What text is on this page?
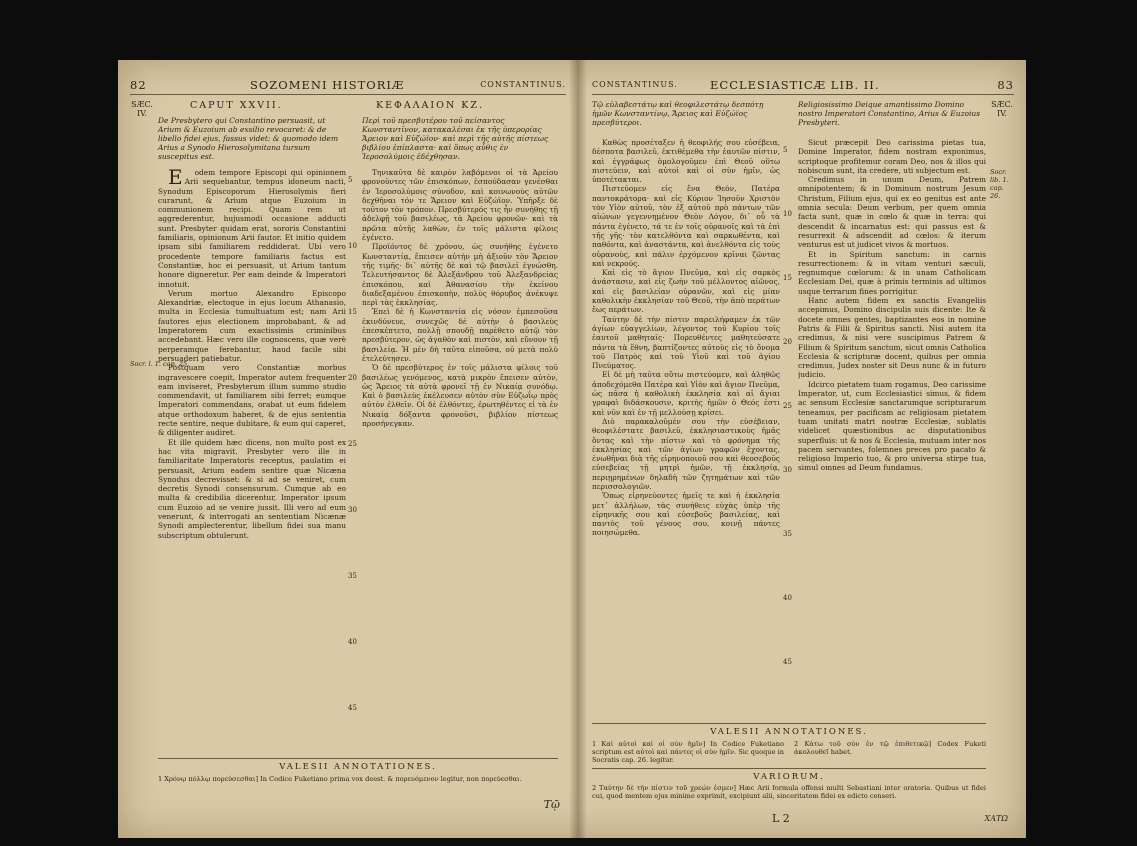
82	SOZOMENI HISTORIÆ	CONSTANTINUS.
SÆC. IV.
CAPUT XXVII.	ΚΕΦΑΛΑΙΟΝ ΚΖ.
De Presbytero qui Constantino persuasit, ut Arium & Euzoium ab exsilio revocaret: & de libello fidei ejus, fassus videt: & quomodo idem Arius a Synodo Hierosolymitana tursum suscepitus est.
Περὶ τοῦ πρεσβυτέρου τοῦ πείσαντος Κωνσταντῖνον, κατακαλέσαι ἐκ τῆς ὑπερορίας Ἄρειον καὶ Εὐζώϊον· καὶ περὶ τῆς αὐτῆς πίστεως βιβλίου ἐπίπλαστα· καὶ ὅπως αὖθις ἐν Ἱεροσολύμοις ἐδέχθησαν.
Socr. l. 1. cap. 25.

Eodem tempore Episcopi qui opinionem Arii sequebantur, tempus idoneum nacti, Synodum Episcoporum Hierosolymis fieri curarunt, & Arium atque Euzoium in communionem recipi. Quam rem ut aggrederentur, hujusmodi occasione adducti sunt. Presbyter quidam erat, sororis Constantini familiaris, opinionum Arii fautor. Et initio quidem ipsam sibi familiarem reddiderat. Ubi vero procedente tempore familiaris factus est Constantiæ, hoc ei persuasit, ut Arium tantum honore digneretur. Per eam deinde & Imperatori innotuit.

Verum mortuo Alexandro Episcopo Alexandriæ, electoque in ejus locum Athanasio, multa in Ecclesia tumultuatum est; nam Arii fautores ejus electionem improbabant, & ad Imperatorem cum exactissimis criminibus accedebant. Hæc vero ille cognoscens, quæ verè perperamque ferebantur, haud facile sibi persuaderi patiebatur.

Postquam vero Constantiæ morbus ingravescere coepit, Imperator autem frequenter eam inviseret, Presbyterum illum summo studio commendavit, ut familiarem sibi ferret; eumque Imperatori commendans, orabat ut eum fidelem atque orthodoxum haberet, & de ejus sententia recte sentire, neque dubitare, & eum qui caperet, & diligenter audiret.

Et ille quidem hæc dicens, non multo post ex hac vita migravit. Presbyter vero ille in familiaritate Imperatoris receptus, paulatim ei persuasit, Arium eadem sentire quæ Nicæna Synodus decrevisset: & si ad se veniret, cum decretis Synodi consensurum. Cumque ab eo multa & credibilia dicerentur, Imperator ipsum cum Euzoio ad se venire jussit. Illi vero ad eum venerunt, & interrogati an sententiam Nicænæ Synodi amplecterentur, libellum fidei sua manu subscriptum obtulerunt.

5
10
15
20
25
30
35
40
45

Τηνικαῦτα δὲ καιρὸν λαβόμενοι οἱ τὰ Ἀρείου φρονοῦντες τῶν ἐπισκόπων, ἐσπούδασαν γενέσθαι ἐν Ἱεροσολύμοις σύνοδον, καὶ κοινωνοὺς αὐτῶν δεχθῆναι τόν τε Ἄρειον καὶ Εὐζώϊον. Ὑπῆρξε δὲ τοῦτον τὸν τρόπον. Πρεσβύτερός τις ἦν συνήθης τῇ ἀδελφῇ τοῦ βασιλέως, τὰ Ἀρείου φρονῶν· καὶ τὰ πρῶτα αὐτῆς λαθὼν, ἐν τοῖς μάλιστα φίλοις ἐγένετο.

Προϊόντος δὲ χρόνου, ὡς συνήθης ἐγένετο Κωνσταντίᾳ, ἔπεισεν αὐτὴν μὴ ἀξιοῦν τὸν Ἄρειον τῆς τιμῆς· δι᾽ αὐτῆς δὲ καὶ τῷ βασιλεῖ ἐγνώσθη. Τελευτήσαντος δὲ Ἀλεξάνδρου τοῦ Ἀλεξανδρείας ἐπισκόπου, καὶ Ἀθανασίου τὴν ἐκείνου διαδεξαμένου ἐπισκοπὴν, πολὺς θόρυβος ἀνέκυψε περὶ τὰς ἐκκλησίας.

Ἐπεὶ δὲ ἡ Κωνσταντία εἰς νόσον ἐμπεσοῦσα ἐκινδύνευε, συνεχῶς δὲ αὐτὴν ὁ βασιλεὺς ἐπεσκέπτετο, πολλῇ σπουδῇ παρέθετο αὐτῷ τὸν πρεσβύτερον, ὡς ἀγαθὸν καὶ πιστὸν, καὶ εὔνουν τῇ βασιλείᾳ. Ἡ μὲν δὴ ταῦτα εἰποῦσα, οὐ μετὰ πολὺ ἐτελεύτησεν.

Ὁ δὲ πρεσβύτερος ἐν τοῖς μάλιστα φίλοις τοῦ βασιλέως γενόμενος, κατὰ μικρὸν ἔπεισεν αὐτὸν, ὡς Ἄρειος τὰ αὐτὰ φρονεῖ τῇ ἐν Νικαίᾳ συνόδῳ. Καὶ ὁ βασιλεὺς ἐκέλευσεν αὐτὸν σὺν Εὐζωΐῳ πρὸς αὐτὸν ἐλθεῖν. Οἱ δὲ ἐλθόντες, ἐρωτηθέντες εἰ τὰ ἐν Νικαίᾳ δόξαντα φρονοῦσι, βιβλίον πίστεως προσήνεγκαν.

VALESII ANNOTATIONES.
1 Χρόνῳ πόλλῳ πορεύσεσθαι] In Codice Fuketiano prima vox deest. & πορευόμενον legitur, non πορεύεσθαι.
Τῷ
CONSTANTINUS.	ECCLESIASTICÆ LIB. II.	83
SÆC. IV.
Τῷ εὐλαβεστάτῳ καὶ θεοφιλεστάτῳ δεσπότῃ ἡμῶν Κωνσταντίνῳ, Ἄρειος καὶ Εὐζώϊος πρεσβύτεροι.
Religiosissimo Deique amantissimo Domino nostro Imperatori Constantino, Arius & Euzoius Presbyteri.
Socr. lib. 1. cap. 26.

Καθὼς προσέταξεν ἡ θεοφιλής σου εὐσέβεια, δέσποτα βασιλεῦ, ἐκτιθέμεθα τὴν ἑαυτῶν πίστιν, καὶ ἐγγράφως ὁμολογοῦμεν ἐπὶ Θεοῦ οὕτω πιστεύειν, καὶ αὐτοὶ καὶ οἱ σὺν ἡμῖν, ὡς ὑποτέτακται.

Πιστεύομεν εἰς ἕνα Θεὸν, Πατέρα παντοκράτορα· καὶ εἰς Κύριον Ἰησοῦν Χριστὸν τὸν Υἱὸν αὐτοῦ, τὸν ἐξ αὐτοῦ πρὸ πάντων τῶν αἰώνων γεγεννημένον Θεὸν Λόγον, δι᾽ οὗ τὰ πάντα ἐγένετο, τά τε ἐν τοῖς οὐρανοῖς καὶ τὰ ἐπὶ τῆς γῆς· τὸν κατελθόντα καὶ σαρκωθέντα, καὶ παθόντα, καὶ ἀναστάντα, καὶ ἀνελθόντα εἰς τοὺς οὐρανοὺς, καὶ πάλιν ἐρχόμενον κρῖναι ζῶντας καὶ νεκρούς.

Καὶ εἰς τὸ ἅγιον Πνεῦμα, καὶ εἰς σαρκὸς ἀνάστασιν, καὶ εἰς ζωὴν τοῦ μέλλοντος αἰῶνος, καὶ εἰς βασιλείαν οὐρανῶν, καὶ εἰς μίαν καθολικὴν ἐκκλησίαν τοῦ Θεοῦ, τὴν ἀπὸ περάτων ἕως περάτων.

Ταύτην δὲ τὴν πίστιν παρειλήφαμεν ἐκ τῶν ἁγίων εὐαγγελίων, λέγοντος τοῦ Κυρίου τοῖς ἑαυτοῦ μαθηταῖς· Πορευθέντες μαθητεύσατε πάντα τὰ ἔθνη, βαπτίζοντες αὐτοὺς εἰς τὸ ὄνομα τοῦ Πατρὸς καὶ τοῦ Υἱοῦ καὶ τοῦ ἁγίου Πνεύματος.

Εἰ δὲ μὴ ταῦτα οὕτω πιστεύομεν, καὶ ἀληθῶς ἀποδεχόμεθα Πατέρα καὶ Υἱὸν καὶ ἅγιον Πνεῦμα, ὡς πᾶσα ἡ καθολικὴ ἐκκλησία καὶ αἱ ἅγιαι γραφαὶ διδάσκουσιν, κριτὴς ἡμῶν ὁ Θεός ἐστι καὶ νῦν καὶ ἐν τῇ μελλούσῃ κρίσει.

Διὸ παρακαλοῦμέν σου τὴν εὐσέβειαν, θεοφιλέστατε βασιλεῦ, ἐκκλησιαστικοὺς ἡμᾶς ὄντας καὶ τὴν πίστιν καὶ τὸ φρόνημα τῆς ἐκκλησίας καὶ τῶν ἁγίων γραφῶν ἔχοντας, ἑνωθῆναι διὰ τῆς εἰρηνοποιοῦ σου καὶ θεοσεβοῦς εὐσεβείας τῇ μητρὶ ἡμῶν, τῇ ἐκκλησίᾳ, περιῃρημένων δηλαδὴ τῶν ζητημάτων καὶ τῶν περισσολογιῶν.

Ὅπως εἰρηνεύοντες ἡμεῖς τε καὶ ἡ ἐκκλησία μετ᾽ ἀλλήλων, τὰς συνήθεις εὐχὰς ὑπὲρ τῆς εἰρηνικῆς σου καὶ εὐσεβοῦς βασιλείας, καὶ παντὸς τοῦ γένους σου, κοινῇ πάντες ποιησώμεθα.

5
10
15
20
25
30
35
40
45

Sicut præcepit Deo carissima pietas tua, Domine Imperator, fidem nostram exponimus, scriptoque profitemur coram Deo, nos & illos qui nobiscum sunt, ita credere, uti subjectum est.

Credimus in unum Deum, Patrem omnipotentem; & in Dominum nostrum Jesum Christum, Filium ejus, qui ex eo genitus est ante omnia secula: Deum verbum, per quem omnia facta sunt, quæ in cœlo & quæ in terra: qui descendit & incarnatus est: qui passus est & resurrexit & adscendit ad cœlos: & iterum venturus est ut judicet vivos & mortuos.

Et in Spiritum sanctum: in carnis resurrectionem: & in vitam venturi sæculi, regnumque cœlorum: & in unam Catholicam Ecclesiam Dei, quæ à primis terminis ad ultimos usque terrarum fines porrigitur.

Hanc autem fidem ex sanctis Evangeliis accepimus, Domino discipulis suis dicente: Ite & docete omnes gentes, baptizantes eos in nomine Patris & Filii & Spiritus sancti. Nisi autem ita credimus, & nisi vere suscipimus Patrem & Filium & Spiritum sanctum, sicut omnis Catholica Ecclesia & scripturæ docent, quibus per omnia credimus, Judex noster sit Deus nunc & in futuro judicio.

Idcirco pietatem tuam rogamus, Deo carissime Imperator, ut, cum Ecclesiastici simus, & fidem ac sensum Ecclesiæ sanctarumque scripturarum teneamus, per pacificam ac religiosam pietatem tuam unitati matri nostræ Ecclesiæ, sublatis videlicet quæstionibus ac disputationibus superfluis: ut & nos & Ecclesia, mutuam inter nos pacem servantes, folemnes preces pro pacato & religioso Imperio tuo, & pro universa stirpe tua, simul omnes ad Deum fundamus.

VALESII ANNOTATIONES.
1 Καὶ αὐτοὶ καὶ οἱ σὺν ἡμῖν] In Codice Fuketiano scriptum est αὐτοὶ καὶ πάντες οἱ σὺν ἡμῖν. Sic quoque in Socratis cap. 26. legitur.
2 Κάτω τοῦ σὺν ἐν τῷ ἐπιθετικῷ] Codex Fuketi ἀκολουθεῖ habet.
VARIORUM.
2 Ταύτην δὲ τὴν πίστιν τοῦ χρεών ἐσμεν] Hæc Arii formula offensi multi Sebastiani inter oratoria. Quibus ut fidei cui, quod mentem ejus minime exprimit, excipiunt alii, sinceritatem fidei ex edicto censeri.
L 2	ΧΑΤΩ
